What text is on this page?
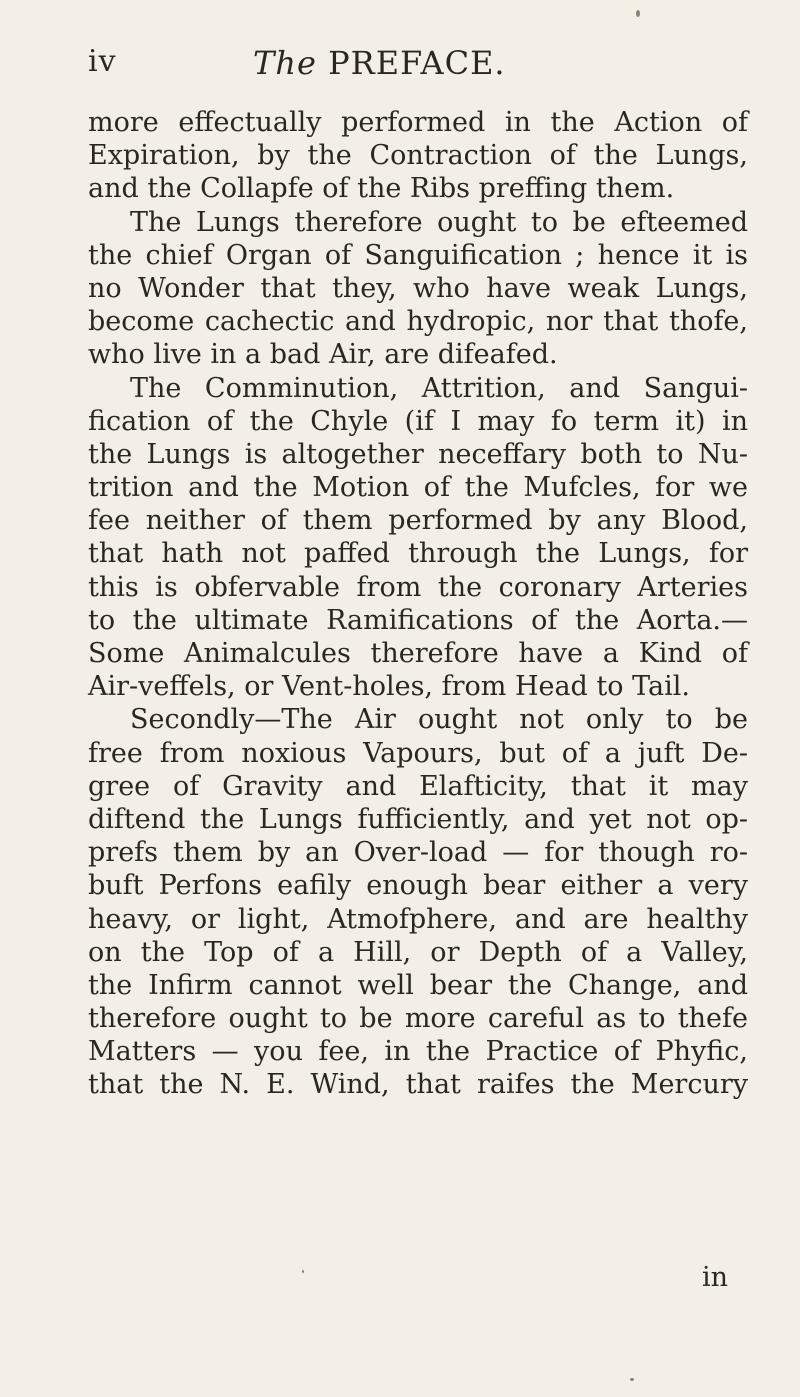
iv	The PREFACE.
more effectually performed in the Action of
Expiration, by the Contraction of the Lungs,
and the Collapfe of the Ribs preffing them.
The Lungs therefore ought to be efteemed
the chief Organ of Sanguification ; hence it is
no Wonder that they, who have weak Lungs,
become cachectic and hydropic, nor that thofe,
who live in a bad Air, are difeafed.
The Comminution, Attrition, and Sangui-
fication of the Chyle (if I may fo term it) in
the Lungs is altogether neceffary both to Nu-
trition and the Motion of the Mufcles, for we
fee neither of them performed by any Blood,
that hath not paffed through the Lungs, for
this is obfervable from the coronary Arteries
to the ultimate Ramifications of the Aorta.—
Some Animalcules therefore have a Kind of
Air-veffels, or Vent-holes, from Head to Tail.
Secondly—The Air ought not only to be
free from noxious Vapours, but of a juft De-
gree of Gravity and Elafticity, that it may
diftend the Lungs fufficiently, and yet not op-
prefs them by an Over-load — for though ro-
buft Perfons eafily enough bear either a very
heavy, or light, Atmofphere, and are healthy
on the Top of a Hill, or Depth of a Valley,
the Infirm cannot well bear the Change, and
therefore ought to be more careful as to thefe
Matters — you fee, in the Practice of Phyfic,
that the N. E. Wind, that raifes the Mercury
in
